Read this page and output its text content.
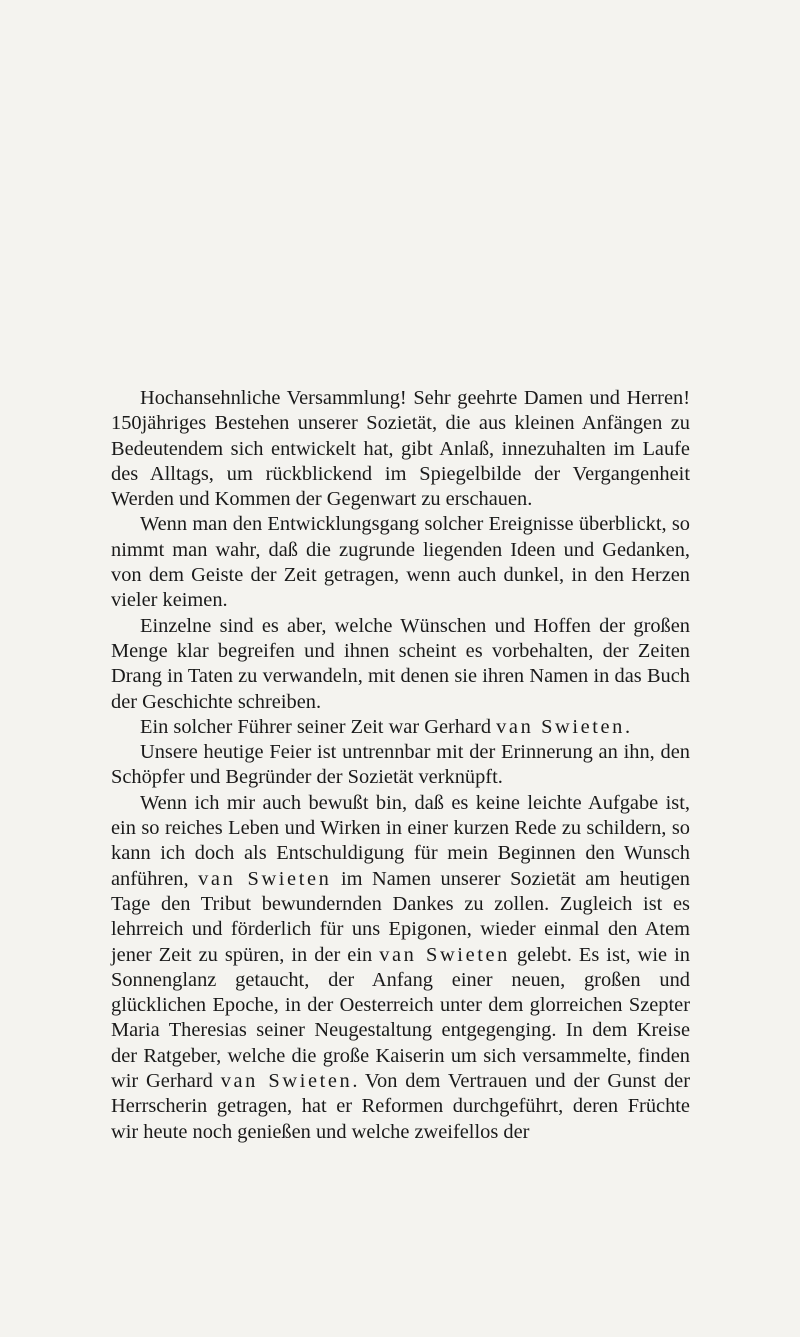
Hochansehnliche Versammlung! Sehr geehrte Damen und Herren! 150jähriges Bestehen unserer Sozietät, die aus kleinen Anfängen zu Bedeutendem sich entwickelt hat, gibt Anlaß, innezuhalten im Laufe des Alltags, um rückblickend im Spiegelbilde der Vergangenheit Werden und Kommen der Gegenwart zu erschauen.

Wenn man den Entwicklungsgang solcher Ereignisse überblickt, so nimmt man wahr, daß die zugrunde liegenden Ideen und Gedanken, von dem Geiste der Zeit getragen, wenn auch dunkel, in den Herzen vieler keimen.

Einzelne sind es aber, welche Wünschen und Hoffen der großen Menge klar begreifen und ihnen scheint es vorbehalten, der Zeiten Drang in Taten zu verwandeln, mit denen sie ihren Namen in das Buch der Geschichte schreiben.

Ein solcher Führer seiner Zeit war Gerhard van Swieten.

Unsere heutige Feier ist untrennbar mit der Erinnerung an ihn, den Schöpfer und Begründer der Sozietät verknüpft.

Wenn ich mir auch bewußt bin, daß es keine leichte Aufgabe ist, ein so reiches Leben und Wirken in einer kurzen Rede zu schildern, so kann ich doch als Entschuldigung für mein Beginnen den Wunsch anführen, van Swieten im Namen unserer Sozietät am heutigen Tage den Tribut bewundernden Dankes zu zollen. Zugleich ist es lehrreich und förderlich für uns Epigonen, wieder einmal den Atem jener Zeit zu spüren, in der ein van Swieten gelebt. Es ist, wie in Sonnenglanz getaucht, der Anfang einer neuen, großen und glücklichen Epoche, in der Oesterreich unter dem glorreichen Szepter Maria Theresias seiner Neugestaltung entgegenging. In dem Kreise der Ratgeber, welche die große Kaiserin um sich versammelte, finden wir Gerhard van Swieten. Von dem Vertrauen und der Gunst der Herrscherin getragen, hat er Reformen durchgeführt, deren Früchte wir heute noch genießen und welche zweifellos der
